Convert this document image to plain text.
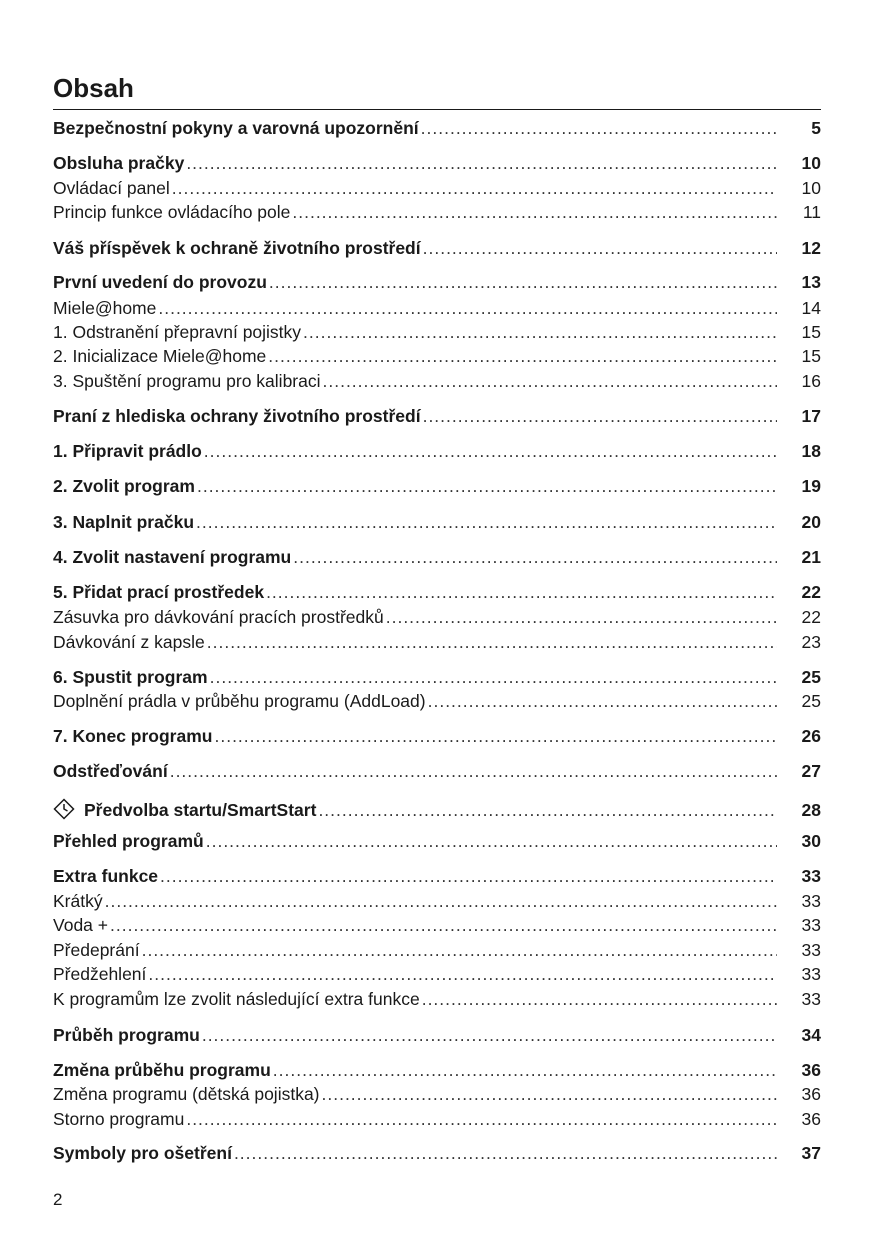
Obsah
Bezpečnostní pokyny a varovná upozornění .....	5
Obsluha pračky .....	10
Ovládací panel .....	10
Princip funkce ovládacího pole .....	11
Váš příspěvek k ochraně životního prostředí .....	12
První uvedení do provozu .....	13
Miele@home .....	14
1. Odstranění přepravní pojistky .....	15
2. Inicializace Miele@home .....	15
3. Spuštění programu pro kalibraci .....	16
Praní z hlediska ochrany životního prostředí .....	17
1. Připravit prádlo .....	18
2. Zvolit program .....	19
3. Naplnit pračku .....	20
4. Zvolit nastavení programu .....	21
5. Přidat prací prostředek .....	22
Zásuvka pro dávkování pracích prostředků .....	22
Dávkování z kapsle .....	23
6. Spustit program .....	25
Doplnění prádla v průběhu programu (AddLoad) .....	25
7. Konec programu .....	26
Odstřeďování .....	27
Předvolba startu/SmartStart .....	28
Přehled programů .....	30
Extra funkce .....	33
Krátký .....	33
Voda + .....	33
Předeprání .....	33
Předžehlení .....	33
K programům lze zvolit následující extra funkce .....	33
Průběh programu .....	34
Změna průběhu programu .....	36
Změna programu (dětská pojistka) .....	36
Storno programu .....	36
Symboly pro ošetření .....	37
2
